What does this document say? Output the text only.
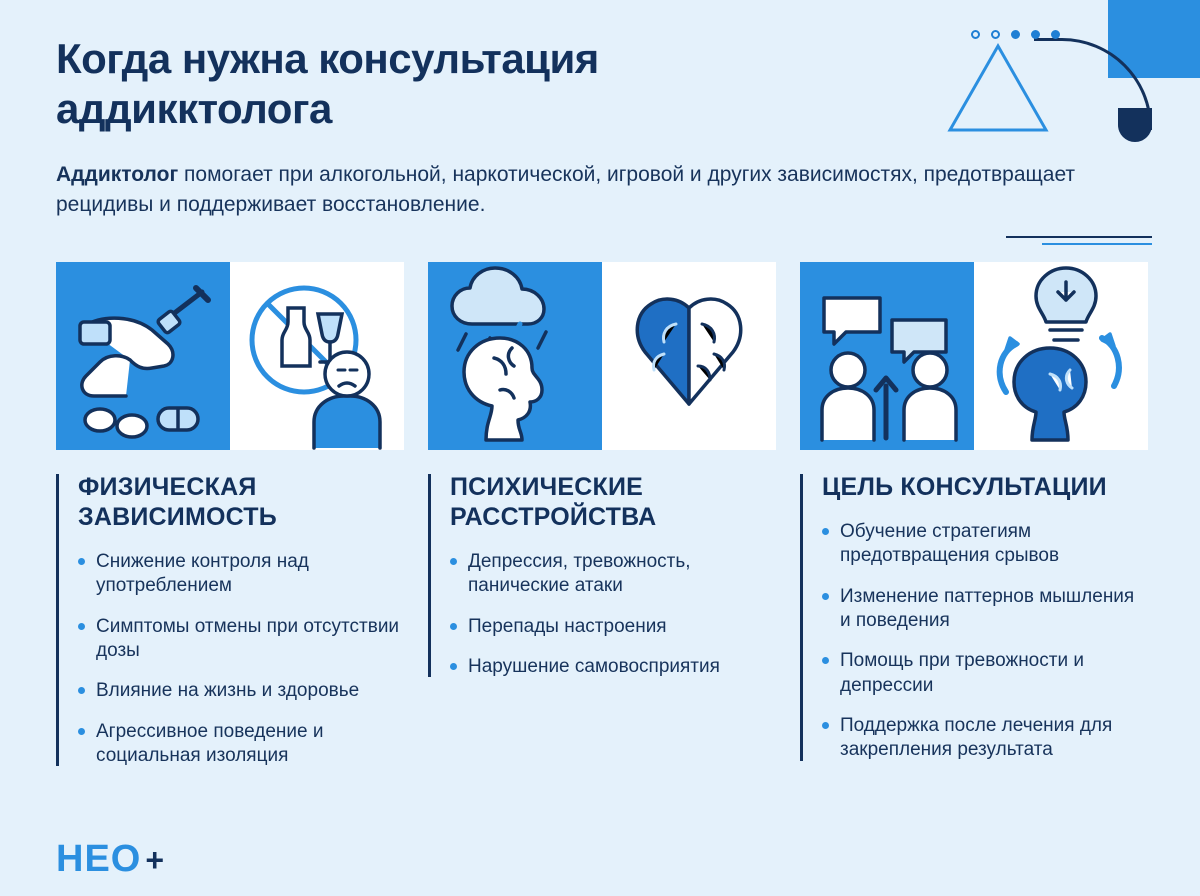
Когда нужна консультация аддикктолога

Аддиктолог помогает при алкогольной, наркотической, игровой и других зависимостях, предотвращает рецидивы и поддерживает восстановление.

ФИЗИЧЕСКАЯ ЗАВИСИМОСТЬ
Снижение контроля над употреблением
Симптомы отмены при отсутствии дозы
Влияние на жизнь и здоровье
Агрессивное поведение и социальная изоляция
ПСИХИЧЕСКИЕ РАССТРОЙСТВА
Депрессия, тревожность, панические атаки
Перепады настроения
Нарушение самовосприятия
ЦЕЛЬ КОНСУЛЬТАЦИИ
Обучение стратегиям предотвращения срывов
Изменение паттернов мышления и поведения
Помощь при тревожности и депрессии
Поддержка после лечения для закрепления результата
НЕО +
